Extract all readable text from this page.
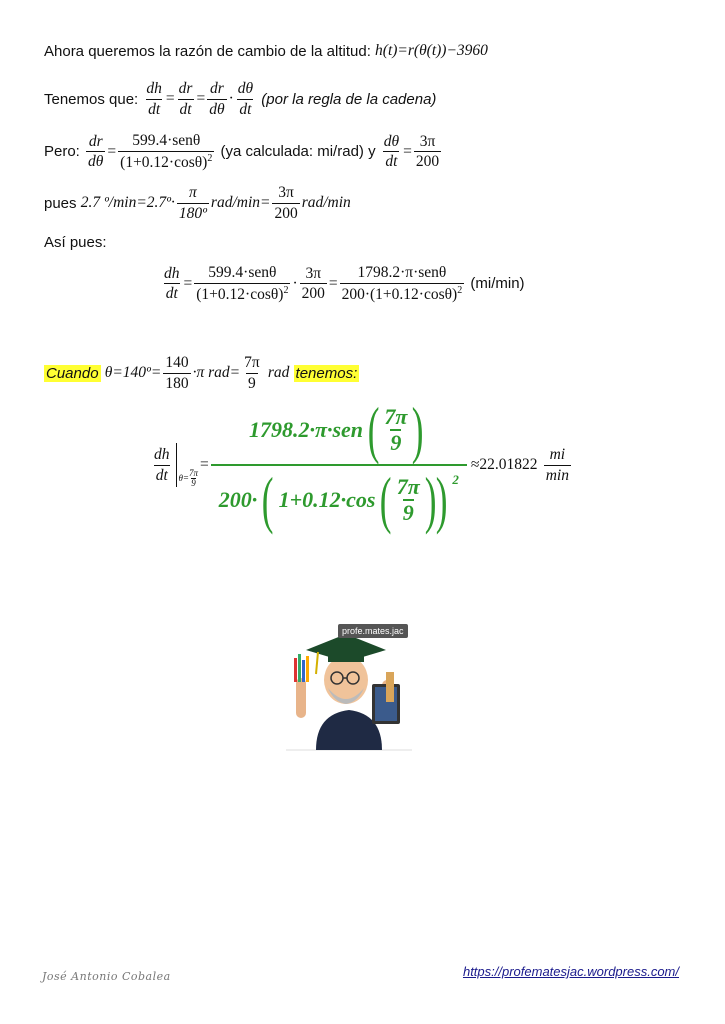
Ahora queremos la razón de cambio de la altitud:
h(t)=r(θ(t))−3960
Tenemos que:
$\frac{dh}{dt} = \frac{dr}{dt} = \frac{dr}{d\theta} \cdot \frac{d\theta}{dt}$
(por la regla de la cadena)
Pero:
$\frac{dr}{d\theta} = \frac{\text{599.4·senθ}}{(1+0.12\cdot\cos\theta)^2}$
(ya calculada: mi/rad) y
$\frac{d\theta}{dt} = \frac{3\pi}{200}$
pues
2.7 º/min=2.7º· $\frac{\pi}{\text{180º}} rad/\min= \frac{3\pi}{200} rad/\min$
Así pues:
$\frac{dh}{dt} = \frac{\text{599.4·senθ}}{(1+0.12\cdot\cos\theta)^2} \cdot \frac{3\pi}{200} = \frac{\text{1798.2·π·senθ}}{200\cdot(1+0.12\cdot\cos\theta)^2}$
(mi/min)
Cuando
θ=140º= $\frac{140}{180} \cdot\pi$ $rad= \frac{7\pi}{9}$
rad
tenemos:
$\frac{dh}{dt} \theta= \frac{7\pi}{9}$
=
1798.2·π·sen ( 7π
9 )
200· ( 1+0.12·cos ( 7π
9 ) ) 2
≈22.01822
$\frac{mi}{\min}$
profe.mates.jac
José Antonio Cobalea	https://profematesjac.wordpress.com/
